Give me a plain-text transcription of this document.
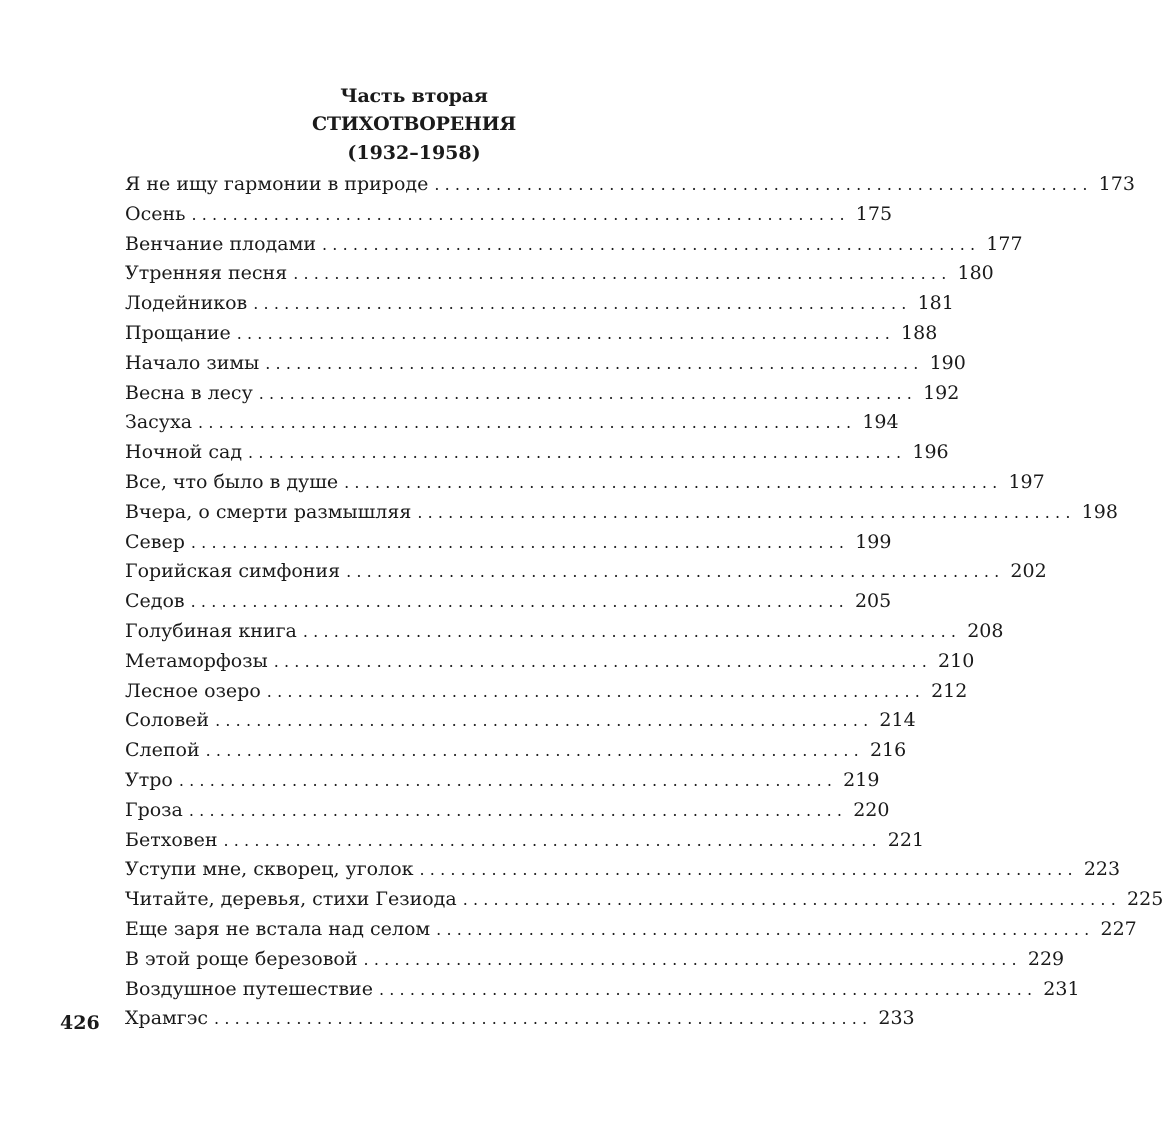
Часть вторая
СТИХОТВОРЕНИЯ
(1932–1958)
Я не ищу гармонии в природе ................................................................ 173
Осень ................................................................ 175
Венчание плодами ................................................................ 177
Утренняя песня ................................................................ 180
Лодейников ................................................................ 181
Прощание ................................................................ 188
Начало зимы ................................................................ 190
Весна в лесу ................................................................ 192
Засуха ................................................................ 194
Ночной сад ................................................................ 196
Все, что было в душе ................................................................ 197
Вчера, о смерти размышляя ................................................................ 198
Север ................................................................ 199
Горийская симфония ................................................................ 202
Седов ................................................................ 205
Голубиная книга ................................................................ 208
Метаморфозы ................................................................ 210
Лесное озеро ................................................................ 212
Соловей ................................................................ 214
Слепой ................................................................ 216
Утро ................................................................ 219
Гроза ................................................................ 220
Бетховен ................................................................ 221
Уступи мне, скворец, уголок ................................................................ 223
Читайте, деревья, стихи Гезиода ................................................................ 225
Еще заря не встала над селом ................................................................ 227
В этой роще березовой ................................................................ 229
Воздушное путешествие ................................................................ 231
Храмгэс ................................................................ 233
426
